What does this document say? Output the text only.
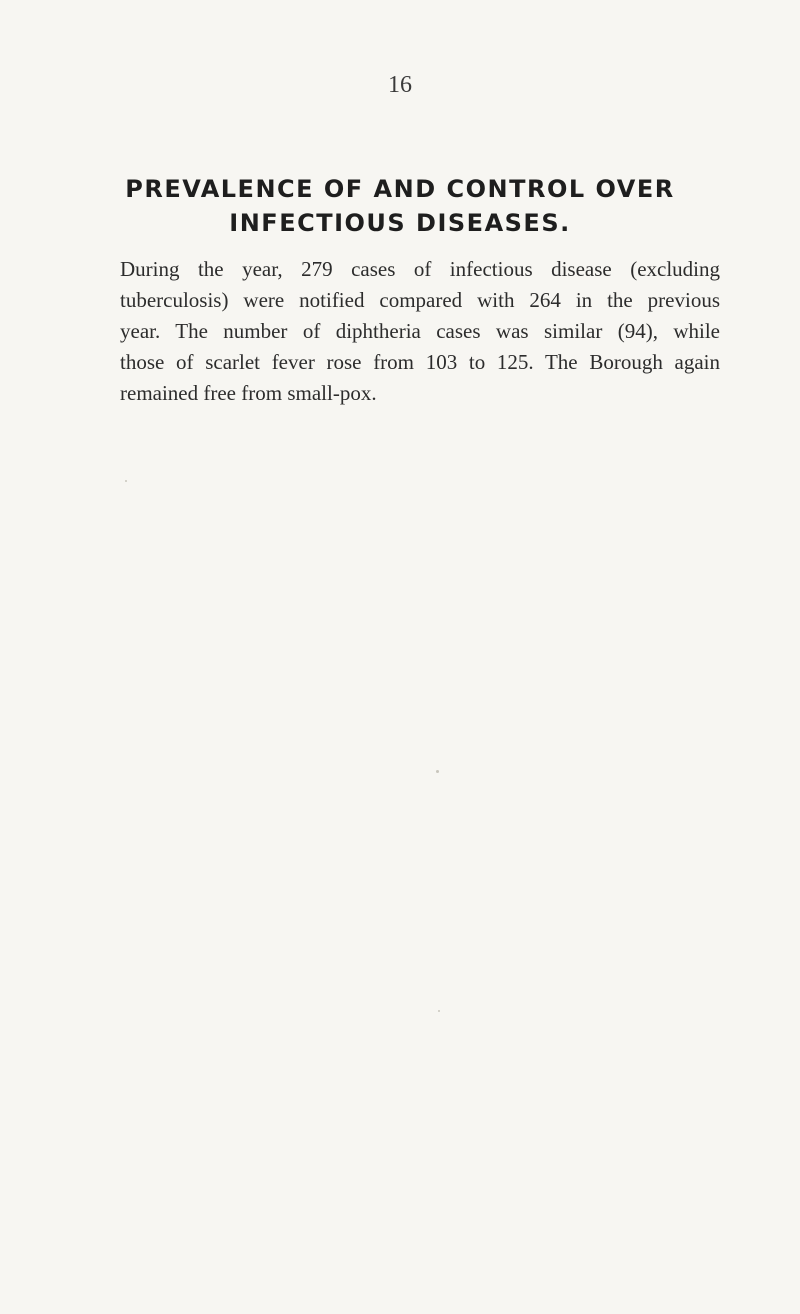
16
PREVALENCE OF AND CONTROL OVER
INFECTIOUS DISEASES.

During the year, 279 cases of infectious disease (excluding
tuberculosis) were notified compared with 264 in the previous
year. The number of diphtheria cases was similar (94), while
those of scarlet fever rose from 103 to 125. The Borough again
remained free from small-pox.
